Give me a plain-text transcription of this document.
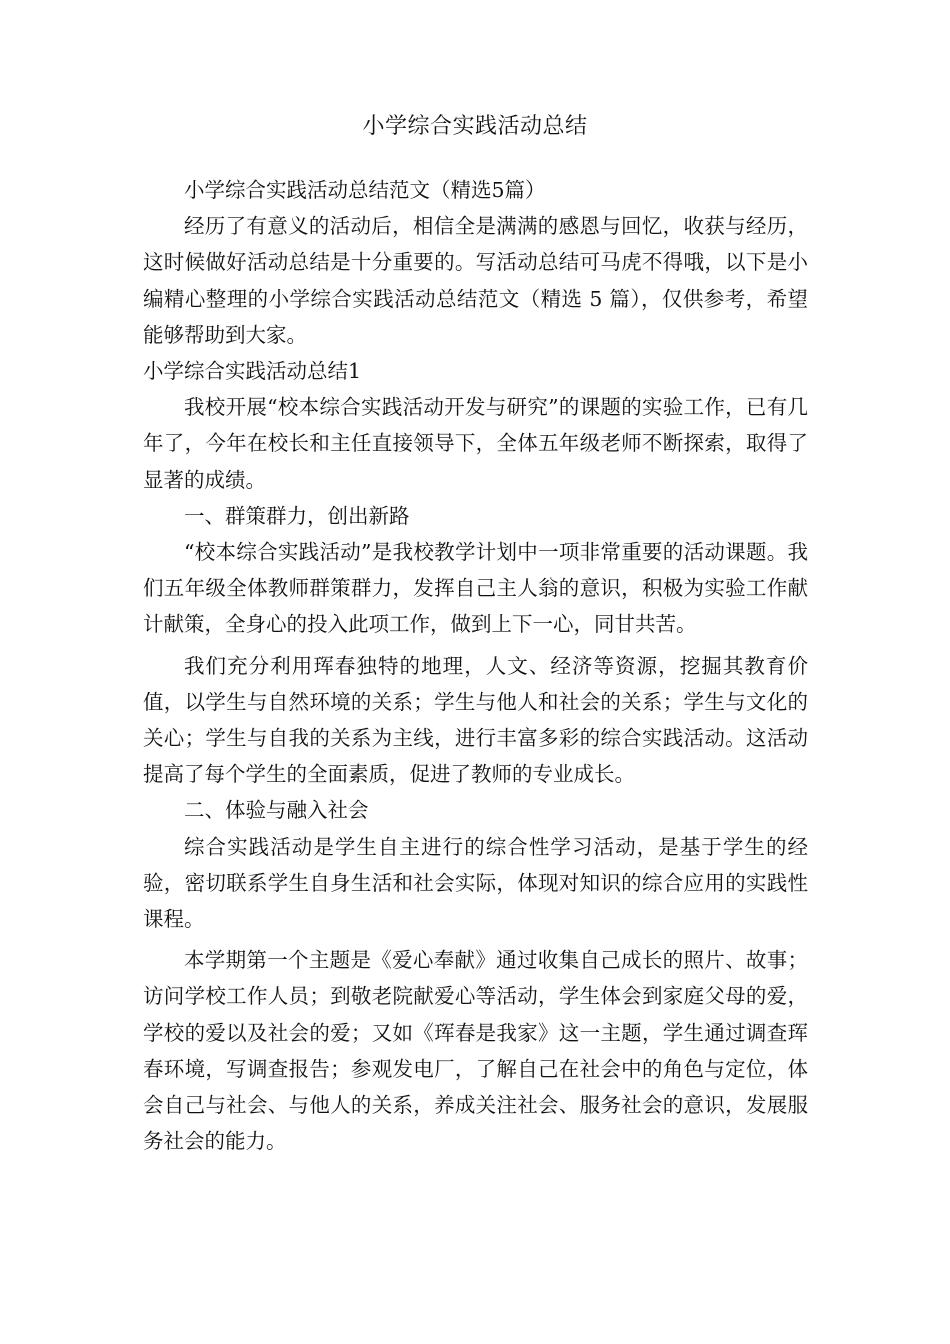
小学综合实践活动总结

小学综合实践活动总结范文（精选5篇）

经历了有意义的活动后，相信全是满满的感恩与回忆，收获与经历，这时候做好活动总结是十分重要的。写活动总结可马虎不得哦，以下是小编精心整理的小学综合实践活动总结范文（精选 5 篇），仅供参考，希望能够帮助到大家。

小学综合实践活动总结1

我校开展“校本综合实践活动开发与研究”的课题的实验工作，已有几年了，今年在校长和主任直接领导下，全体五年级老师不断探索，取得了显著的成绩。

一、群策群力，创出新路

“校本综合实践活动”是我校教学计划中一项非常重要的活动课题。我们五年级全体教师群策群力，发挥自己主人翁的意识，积极为实验工作献计献策，全身心的投入此项工作，做到上下一心，同甘共苦。

我们充分利用珲春独特的地理，人文、经济等资源，挖掘其教育价值，以学生与自然环境的关系；学生与他人和社会的关系；学生与文化的关心；学生与自我的关系为主线，进行丰富多彩的综合实践活动。这活动提高了每个学生的全面素质，促进了教师的专业成长。

二、体验与融入社会

综合实践活动是学生自主进行的综合性学习活动，是基于学生的经验，密切联系学生自身生活和社会实际，体现对知识的综合应用的实践性课程。

本学期第一个主题是《爱心奉献》通过收集自己成长的照片、故事；访问学校工作人员；到敬老院献爱心等活动，学生体会到家庭父母的爱，学校的爱以及社会的爱；又如《珲春是我家》这一主题，学生通过调查珲春环境，写调查报告；参观发电厂，了解自己在社会中的角色与定位，体会自己与社会、与他人的关系，养成关注社会、服务社会的意识，发展服务社会的能力。
